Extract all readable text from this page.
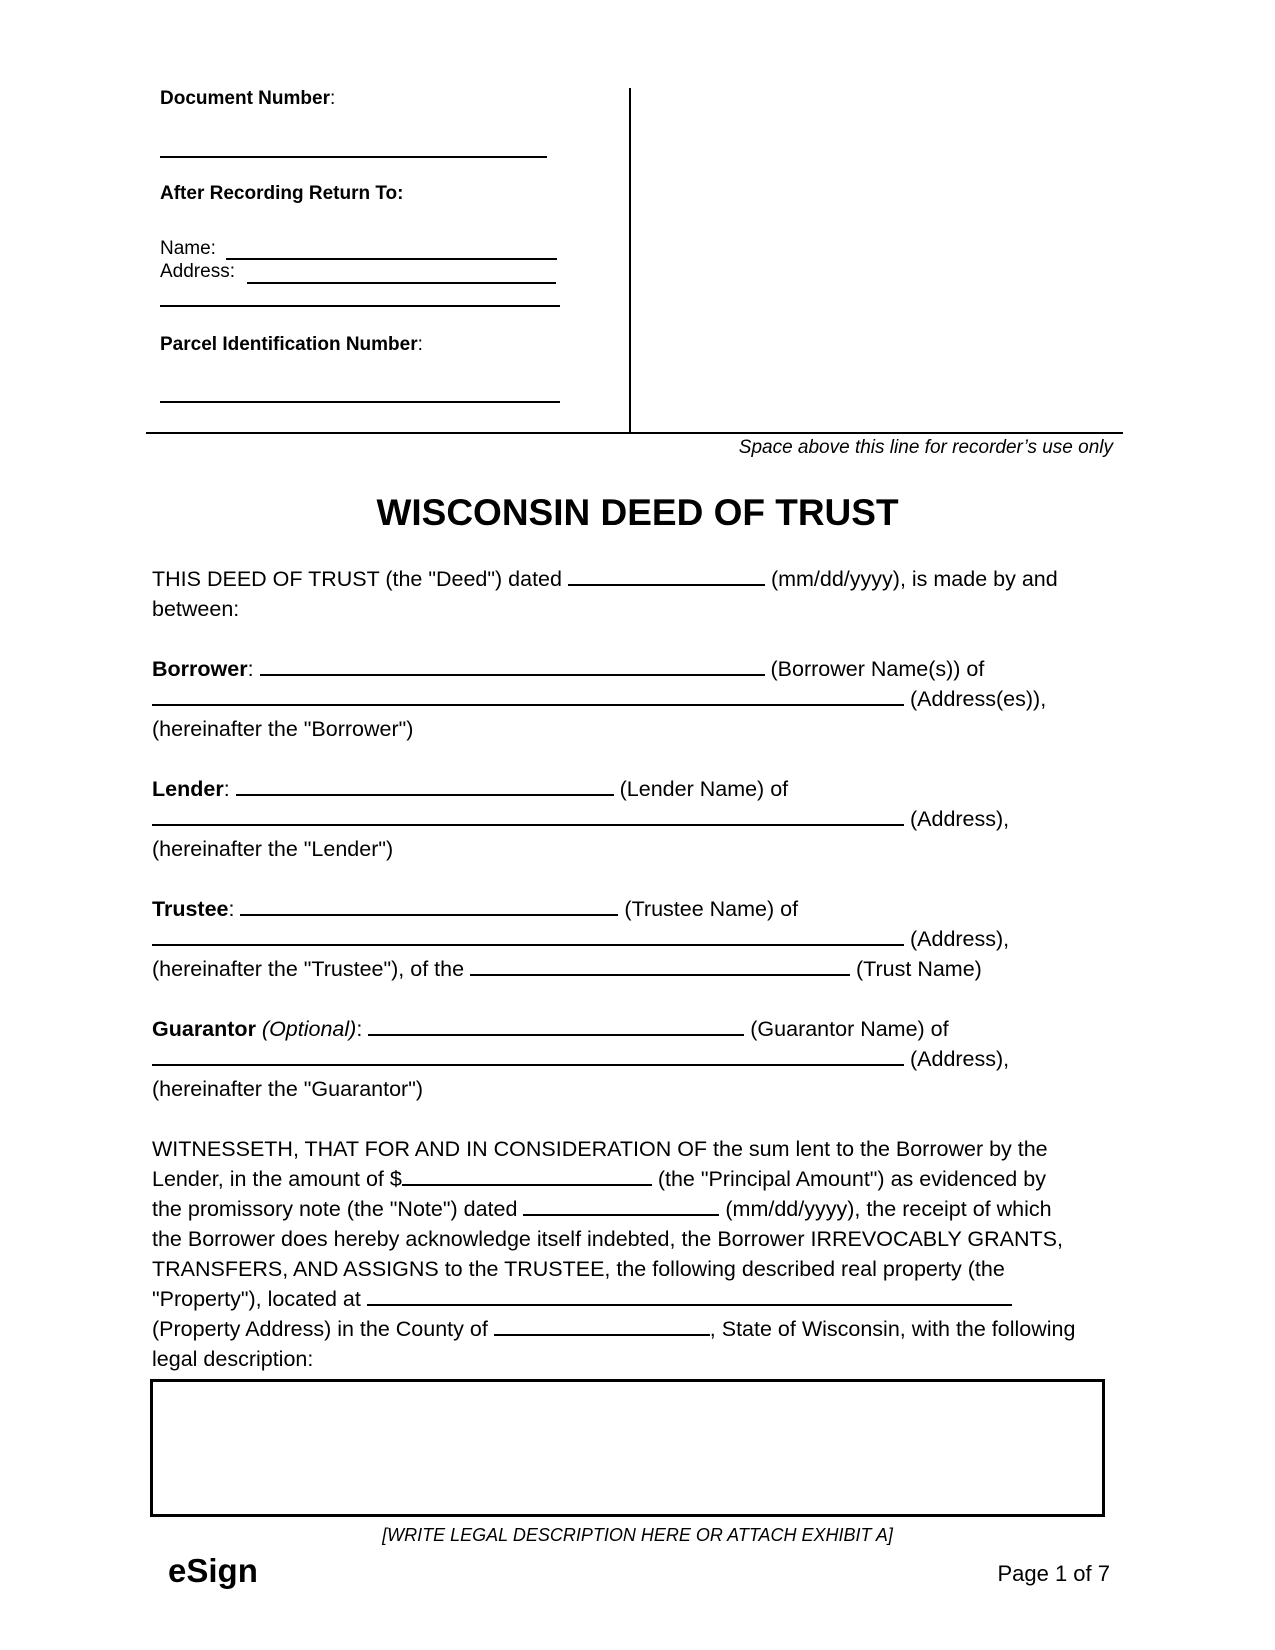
Document Number:
After Recording Return To:
Name:
Address:
Parcel Identification Number:
Space above this line for recorder’s use only
WISCONSIN DEED OF TRUST
THIS DEED OF TRUST (the "Deed") dated	(mm/dd/yyyy), is made by and
between:
Borrower:	(Borrower Name(s)) of
(Address(es)),
(hereinafter the "Borrower")
Lender:	(Lender Name) of
(Address),
(hereinafter the "Lender")
Trustee:	(Trustee Name) of
(Address),
(hereinafter the "Trustee"), of the	(Trust Name)
Guarantor (Optional):	(Guarantor Name) of
(Address),
(hereinafter the "Guarantor")
WITNESSETH, THAT FOR AND IN CONSIDERATION OF the sum lent to the Borrower by the
Lender, in the amount of $	(the "Principal Amount") as evidenced by
the promissory note (the "Note") dated	(mm/dd/yyyy), the receipt of which
the Borrower does hereby acknowledge itself indebted, the Borrower IRREVOCABLY GRANTS,
TRANSFERS, AND ASSIGNS to the TRUSTEE, the following described real property (the
"Property"), located at
(Property Address) in the County of	, State of Wisconsin, with the following
legal description:
[WRITE LEGAL DESCRIPTION HERE OR ATTACH EXHIBIT A]
eSign	Page 1 of 7
